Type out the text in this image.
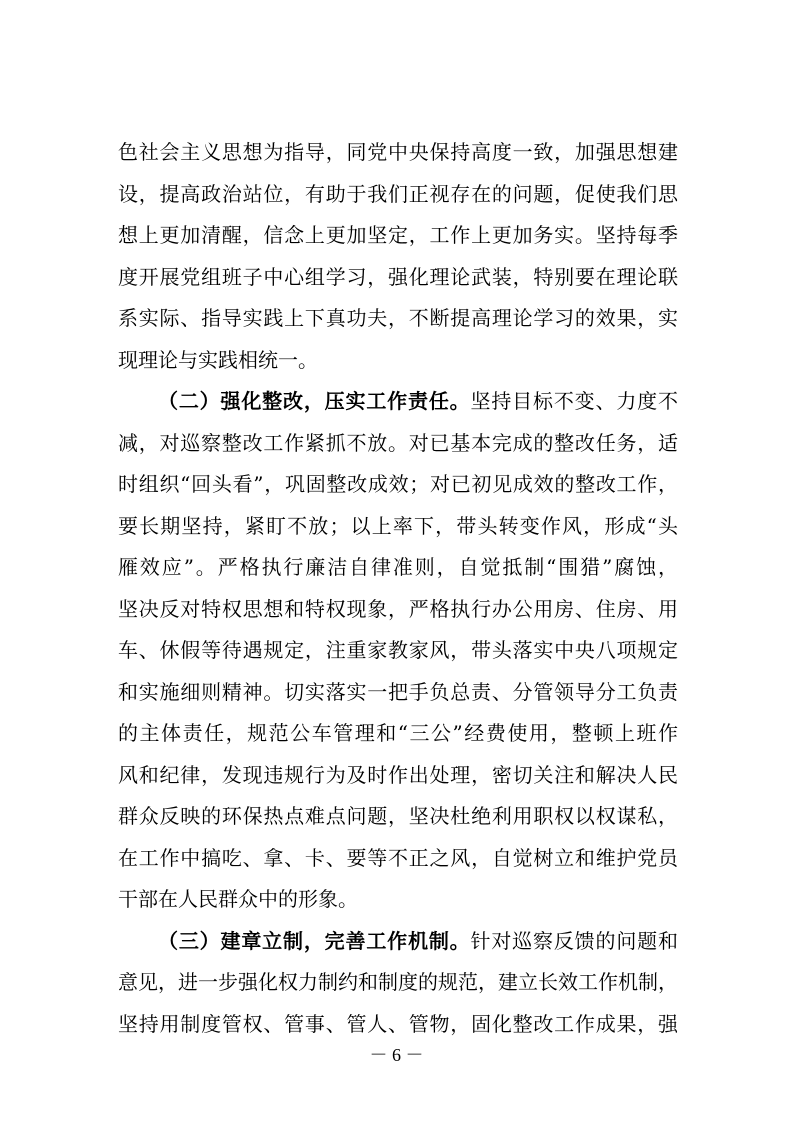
色社会主义思想为指导，同党中央保持高度一致，加强思想建
设，提高政治站位，有助于我们正视存在的问题，促使我们思
想上更加清醒，信念上更加坚定，工作上更加务实。坚持每季
度开展党组班子中心组学习，强化理论武装，特别要在理论联
系实际、指导实践上下真功夫，不断提高理论学习的效果，实
现理论与实践相统一。
（二）强化整改，压实工作责任。坚持目标不变、力度不
减，对巡察整改工作紧抓不放。对已基本完成的整改任务，适
时组织“回头看”，巩固整改成效；对已初见成效的整改工作，
要长期坚持，紧盯不放；以上率下，带头转变作风，形成“头
雁效应”。严格执行廉洁自律准则，自觉抵制“围猎”腐蚀，
坚决反对特权思想和特权现象，严格执行办公用房、住房、用
车、休假等待遇规定，注重家教家风，带头落实中央八项规定
和实施细则精神。切实落实一把手负总责、分管领导分工负责
的主体责任，规范公车管理和“三公”经费使用，整顿上班作
风和纪律，发现违规行为及时作出处理，密切关注和解决人民
群众反映的环保热点难点问题，坚决杜绝利用职权以权谋私，
在工作中搞吃、拿、卡、要等不正之风，自觉树立和维护党员
干部在人民群众中的形象。
（三）建章立制，完善工作机制。针对巡察反馈的问题和
意见，进一步强化权力制约和制度的规范，建立长效工作机制，
坚持用制度管权、管事、管人、管物，固化整改工作成果，强
－ 6 －
